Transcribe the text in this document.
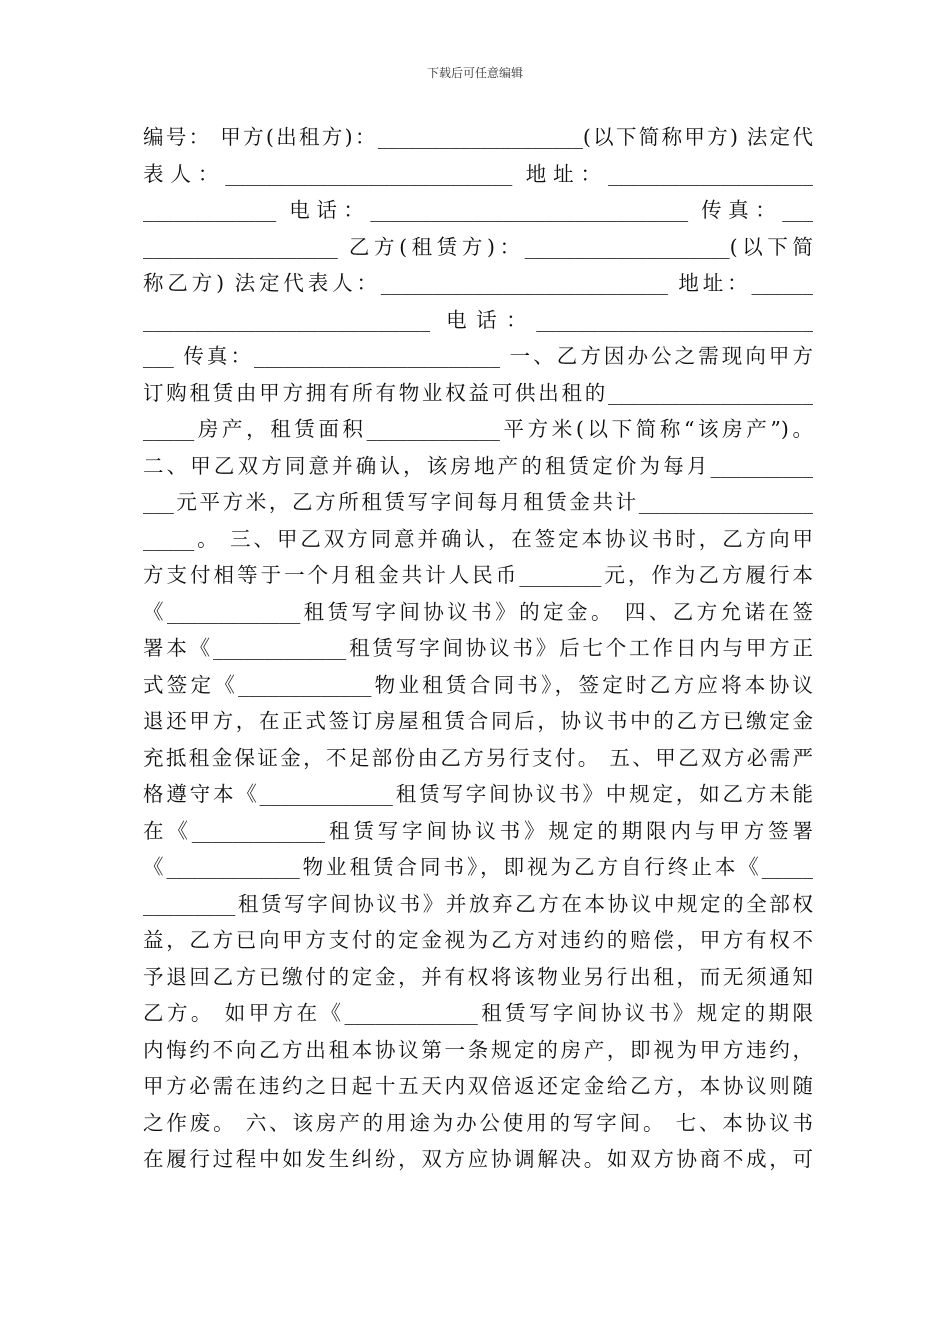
下载后可任意编辑
编号： 甲方(出租方)：____________________(以下简称甲方) 法定代
表人：____________________________ 地址：____________________
_____________ 电话：_______________________________ 传真：___
___________________ 乙方(租赁方)：____________________(以下简
称乙方) 法定代表人：____________________________ 地址：______
____________________________ 电话：___________________________
___ 传真：________________________ 一、乙方因办公之需现向甲方
订购租赁由甲方拥有所有物业权益可供出租的____________________
_____房产，租赁面积_____________平方米(以下简称“该房产”)。
二、甲乙双方同意并确认，该房地产的租赁定价为每月__________
___元平方米，乙方所租赁写字间每月租赁金共计_________________
_____。 三、甲乙双方同意并确认，在签定本协议书时，乙方向甲
方支付相等于一个月租金共计人民币________元，作为乙方履行本
《_____________租赁写字间协议书》的定金。 四、乙方允诺在签
署本《_____________租赁写字间协议书》后七个工作日内与甲方正
式签定《_____________物业租赁合同书》，签定时乙方应将本协议
退还甲方，在正式签订房屋租赁合同后，协议书中的乙方已缴定金
充抵租金保证金，不足部份由乙方另行支付。 五、甲乙双方必需严
格遵守本《_____________租赁写字间协议书》中规定，如乙方未能
在《_____________租赁写字间协议书》规定的期限内与甲方签署
《_____________物业租赁合同书》，即视为乙方自行终止本《_____
_________租赁写字间协议书》并放弃乙方在本协议中规定的全部权
益，乙方已向甲方支付的定金视为乙方对违约的赔偿，甲方有权不
予退回乙方已缴付的定金，并有权将该物业另行出租，而无须通知
乙方。 如甲方在《_____________租赁写字间协议书》规定的期限
内悔约不向乙方出租本协议第一条规定的房产，即视为甲方违约，
甲方必需在违约之日起十五天内双倍返还定金给乙方，本协议则随
之作废。 六、该房产的用途为办公使用的写字间。 七、本协议书
在履行过程中如发生纠纷，双方应协调解决。如双方协商不成，可
